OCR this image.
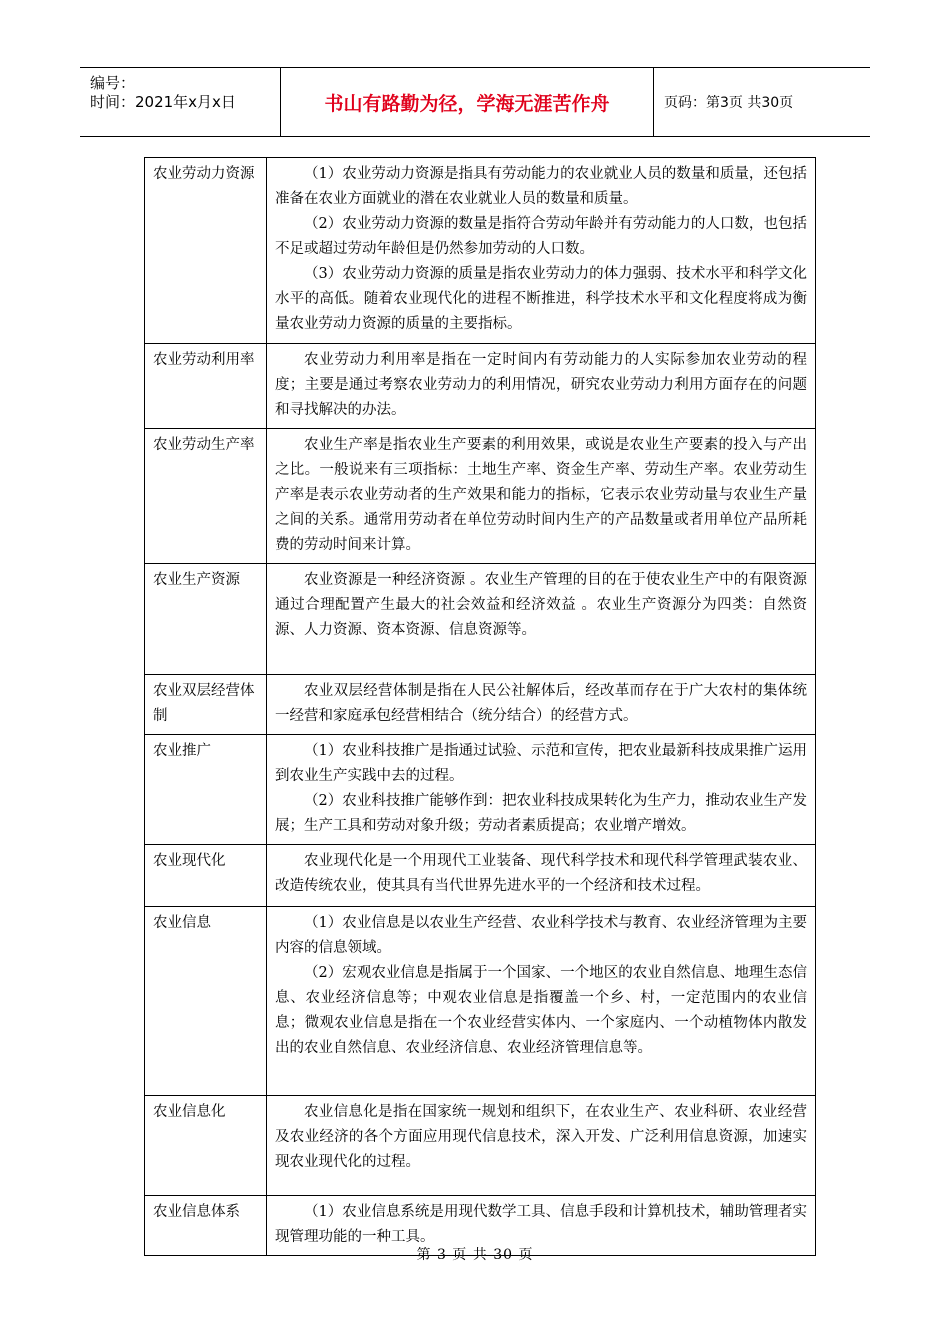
编号：
时间：2021年x月x日	书山有路勤为径，学海无涯苦作舟	页码：第3页 共30页
农业劳动力资源	（1）农业劳动力资源是指具有劳动能力的农业就业人员的数量和质量，还包括准备在农业方面就业的潜在农业就业人员的数量和质量。

（2）农业劳动力资源的数量是指符合劳动年龄并有劳动能力的人口数，也包括不足或超过劳动年龄但是仍然参加劳动的人口数。

（3）农业劳动力资源的质量是指农业劳动力的体力强弱、技术水平和科学文化水平的高低。随着农业现代化的进程不断推进，科学技术水平和文化程度将成为衡量农业劳动力资源的质量的主要指标。

农业劳动利用率	农业劳动力利用率是指在一定时间内有劳动能力的人实际参加农业劳动的程度；主要是通过考察农业劳动力的利用情况，研究农业劳动力利用方面存在的问题和寻找解决的办法。

农业劳动生产率	农业生产率是指农业生产要素的利用效果，或说是农业生产要素的投入与产出之比。一般说来有三项指标：土地生产率、资金生产率、劳动生产率。农业劳动生产率是表示农业劳动者的生产效果和能力的指标，它表示农业劳动量与农业生产量之间的关系。通常用劳动者在单位劳动时间内生产的产品数量或者用单位产品所耗费的劳动时间来计算。

农业生产资源	农业资源是一种经济资源 。农业生产管理的目的在于使农业生产中的有限资源通过合理配置产生最大的社会效益和经济效益 。农业生产资源分为四类：自然资源、人力资源、资本资源、信息资源等。

农业双层经营体制	农业双层经营体制是指在人民公社解体后，经改革而存在于广大农村的集体统一经营和家庭承包经营相结合（统分结合）的经营方式。

农业推广	（1）农业科技推广是指通过试验、示范和宣传，把农业最新科技成果推广运用到农业生产实践中去的过程。

（2）农业科技推广能够作到：把农业科技成果转化为生产力，推动农业生产发展；生产工具和劳动对象升级；劳动者素质提高；农业增产增效。

农业现代化	农业现代化是一个用现代工业装备、现代科学技术和现代科学管理武装农业、改造传统农业，使其具有当代世界先进水平的一个经济和技术过程。

农业信息	（1）农业信息是以农业生产经营、农业科学技术与教育、农业经济管理为主要内容的信息领域。

（2）宏观农业信息是指属于一个国家、一个地区的农业自然信息、地理生态信息、农业经济信息等；中观农业信息是指覆盖一个乡、村，一定范围内的农业信息；微观农业信息是指在一个农业经营实体内、一个家庭内、一个动植物体内散发出的农业自然信息、农业经济信息、农业经济管理信息等。

农业信息化	农业信息化是指在国家统一规划和组织下，在农业生产、农业科研、农业经营及农业经济的各个方面应用现代信息技术，深入开发、广泛利用信息资源，加速实现农业现代化的过程。

农业信息体系	（1）农业信息系统是用现代数学工具、信息手段和计算机技术，辅助管理者实现管理功能的一种工具。

第 3 页 共 30 页
